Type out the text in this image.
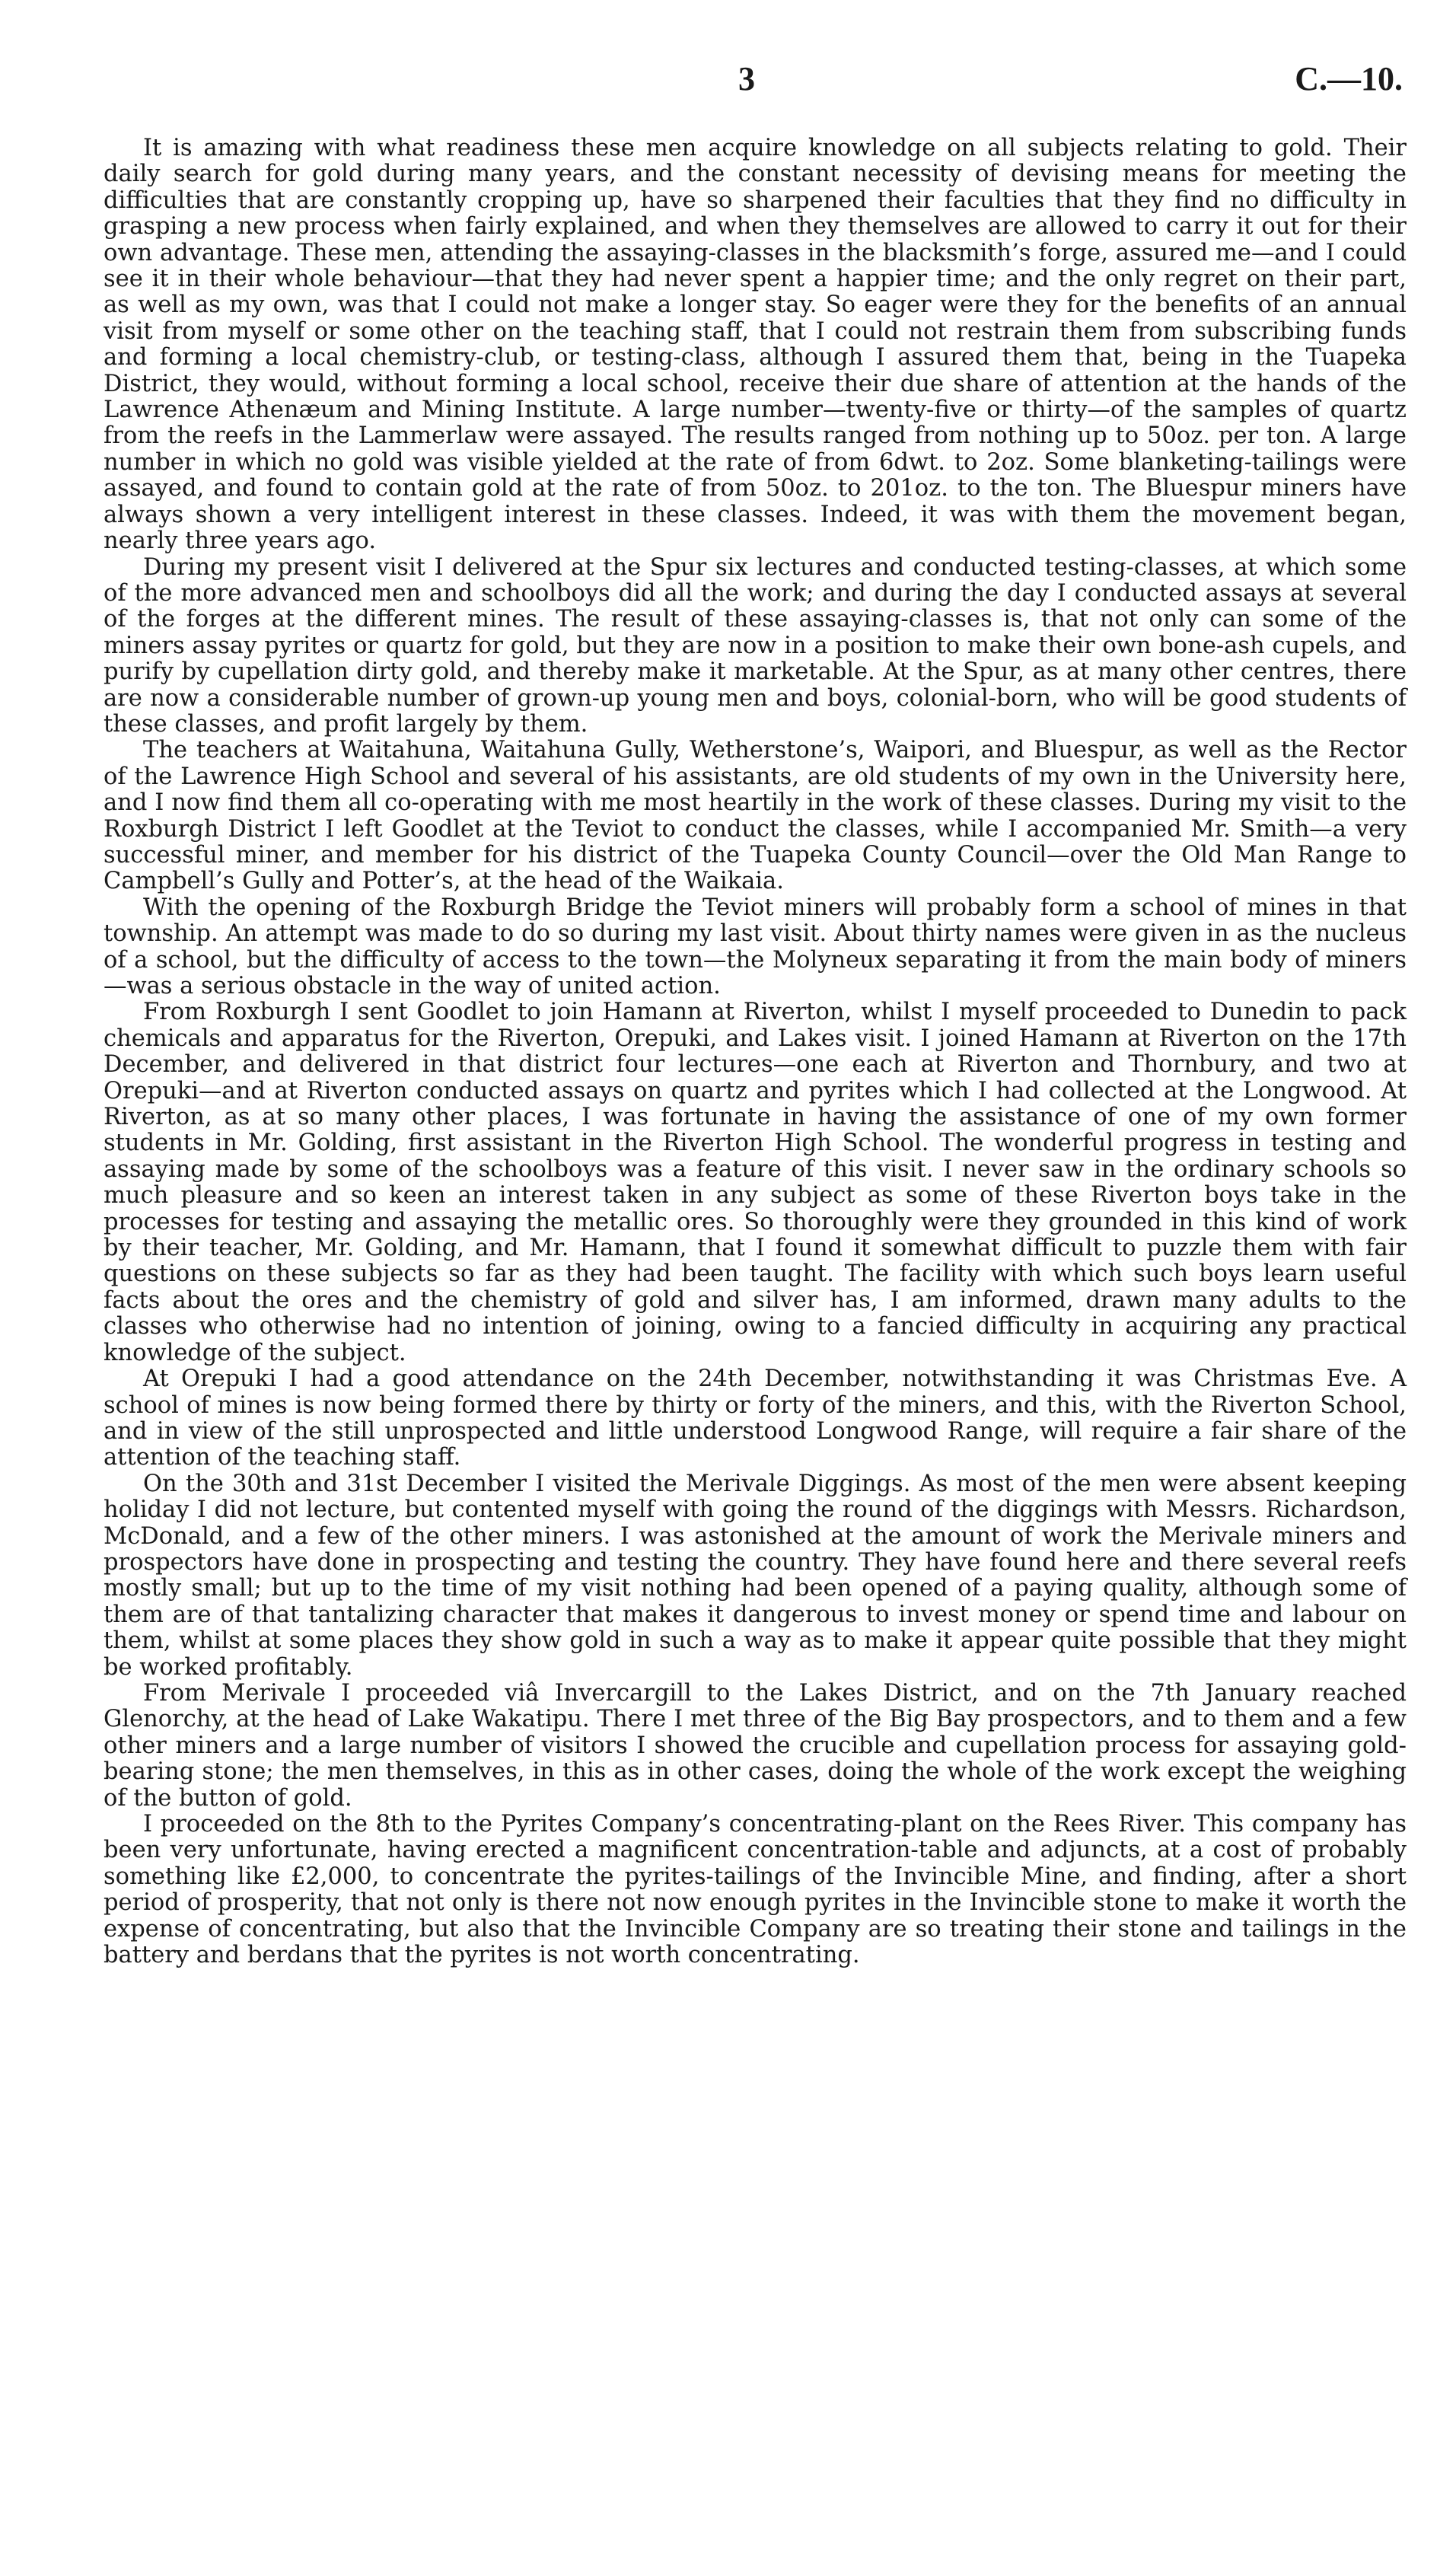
3	C.—10.

It is amazing with what readiness these men acquire knowledge on all subjects relating to gold. Their daily search for gold during many years, and the constant necessity of devising means for meeting the difficulties that are constantly cropping up, have so sharpened their faculties that they find no difficulty in grasping a new process when fairly explained, and when they themselves are allowed to carry it out for their own advantage. These men, attending the assaying-classes in the blacksmith’s forge, assured me—and I could see it in their whole behaviour—that they had never spent a happier time; and the only regret on their part, as well as my own, was that I could not make a longer stay. So eager were they for the benefits of an annual visit from myself or some other on the teaching staff, that I could not restrain them from subscribing funds and forming a local chemistry-club, or testing-class, although I assured them that, being in the Tuapeka District, they would, without forming a local school, receive their due share of attention at the hands of the Lawrence Athenæum and Mining Institute. A large number—twenty-five or thirty—of the samples of quartz from the reefs in the Lammerlaw were assayed. The results ranged from nothing up to 50oz. per ton. A large number in which no gold was visible yielded at the rate of from 6dwt. to 2oz. Some blanketing-tailings were assayed, and found to contain gold at the rate of from 50oz. to 201oz. to the ton. The Bluespur miners have always shown a very intelligent interest in these classes. Indeed, it was with them the movement began, nearly three years ago.

During my present visit I delivered at the Spur six lectures and conducted testing-classes, at which some of the more advanced men and schoolboys did all the work; and during the day I conducted assays at several of the forges at the different mines. The result of these assaying-classes is, that not only can some of the miners assay pyrites or quartz for gold, but they are now in a position to make their own bone-ash cupels, and purify by cupellation dirty gold, and thereby make it marketable. At the Spur, as at many other centres, there are now a considerable number of grown-up young men and boys, colonial-born, who will be good students of these classes, and profit largely by them.

The teachers at Waitahuna, Waitahuna Gully, Wetherstone’s, Waipori, and Bluespur, as well as the Rector of the Lawrence High School and several of his assistants, are old students of my own in the University here, and I now find them all co-operating with me most heartily in the work of these classes. During my visit to the Roxburgh District I left Goodlet at the Teviot to conduct the classes, while I accompanied Mr. Smith—a very successful miner, and member for his district of the Tuapeka County Council—over the Old Man Range to Campbell’s Gully and Potter’s, at the head of the Waikaia.

With the opening of the Roxburgh Bridge the Teviot miners will probably form a school of mines in that township. An attempt was made to do so during my last visit. About thirty names were given in as the nucleus of a school, but the difficulty of access to the town—the Molyneux separating it from the main body of miners—was a serious obstacle in the way of united action.

From Roxburgh I sent Goodlet to join Hamann at Riverton, whilst I myself proceeded to Dunedin to pack chemicals and apparatus for the Riverton, Orepuki, and Lakes visit. I joined Hamann at Riverton on the 17th December, and delivered in that district four lectures—one each at Riverton and Thornbury, and two at Orepuki—and at Riverton conducted assays on quartz and pyrites which I had collected at the Longwood. At Riverton, as at so many other places, I was fortunate in having the assistance of one of my own former students in Mr. Golding, first assistant in the Riverton High School. The wonderful progress in testing and assaying made by some of the schoolboys was a feature of this visit. I never saw in the ordinary schools so much pleasure and so keen an interest taken in any subject as some of these Riverton boys take in the processes for testing and assaying the metallic ores. So thoroughly were they grounded in this kind of work by their teacher, Mr. Golding, and Mr. Hamann, that I found it somewhat difficult to puzzle them with fair questions on these subjects so far as they had been taught. The facility with which such boys learn useful facts about the ores and the chemistry of gold and silver has, I am informed, drawn many adults to the classes who otherwise had no intention of joining, owing to a fancied difficulty in acquiring any practical knowledge of the subject.

At Orepuki I had a good attendance on the 24th December, notwithstanding it was Christmas Eve. A school of mines is now being formed there by thirty or forty of the miners, and this, with the Riverton School, and in view of the still unprospected and little understood Longwood Range, will require a fair share of the attention of the teaching staff.

On the 30th and 31st December I visited the Merivale Diggings. As most of the men were absent keeping holiday I did not lecture, but contented myself with going the round of the diggings with Messrs. Richardson, McDonald, and a few of the other miners. I was astonished at the amount of work the Merivale miners and prospectors have done in prospecting and testing the country. They have found here and there several reefs mostly small; but up to the time of my visit nothing had been opened of a paying quality, although some of them are of that tantalizing character that makes it dangerous to invest money or spend time and labour on them, whilst at some places they show gold in such a way as to make it appear quite possible that they might be worked profitably.

From Merivale I proceeded viâ Invercargill to the Lakes District, and on the 7th January reached Glenorchy, at the head of Lake Wakatipu. There I met three of the Big Bay prospectors, and to them and a few other miners and a large number of visitors I showed the crucible and cupellation process for assaying gold-bearing stone; the men themselves, in this as in other cases, doing the whole of the work except the weighing of the button of gold.

I proceeded on the 8th to the Pyrites Company’s concentrating-plant on the Rees River. This company has been very unfortunate, having erected a magnificent concentration-table and adjuncts, at a cost of probably something like £2,000, to concentrate the pyrites-tailings of the Invincible Mine, and finding, after a short period of prosperity, that not only is there not now enough pyrites in the Invincible stone to make it worth the expense of concentrating, but also that the Invincible Company are so treating their stone and tailings in the battery and berdans that the pyrites is not worth concentrating.
